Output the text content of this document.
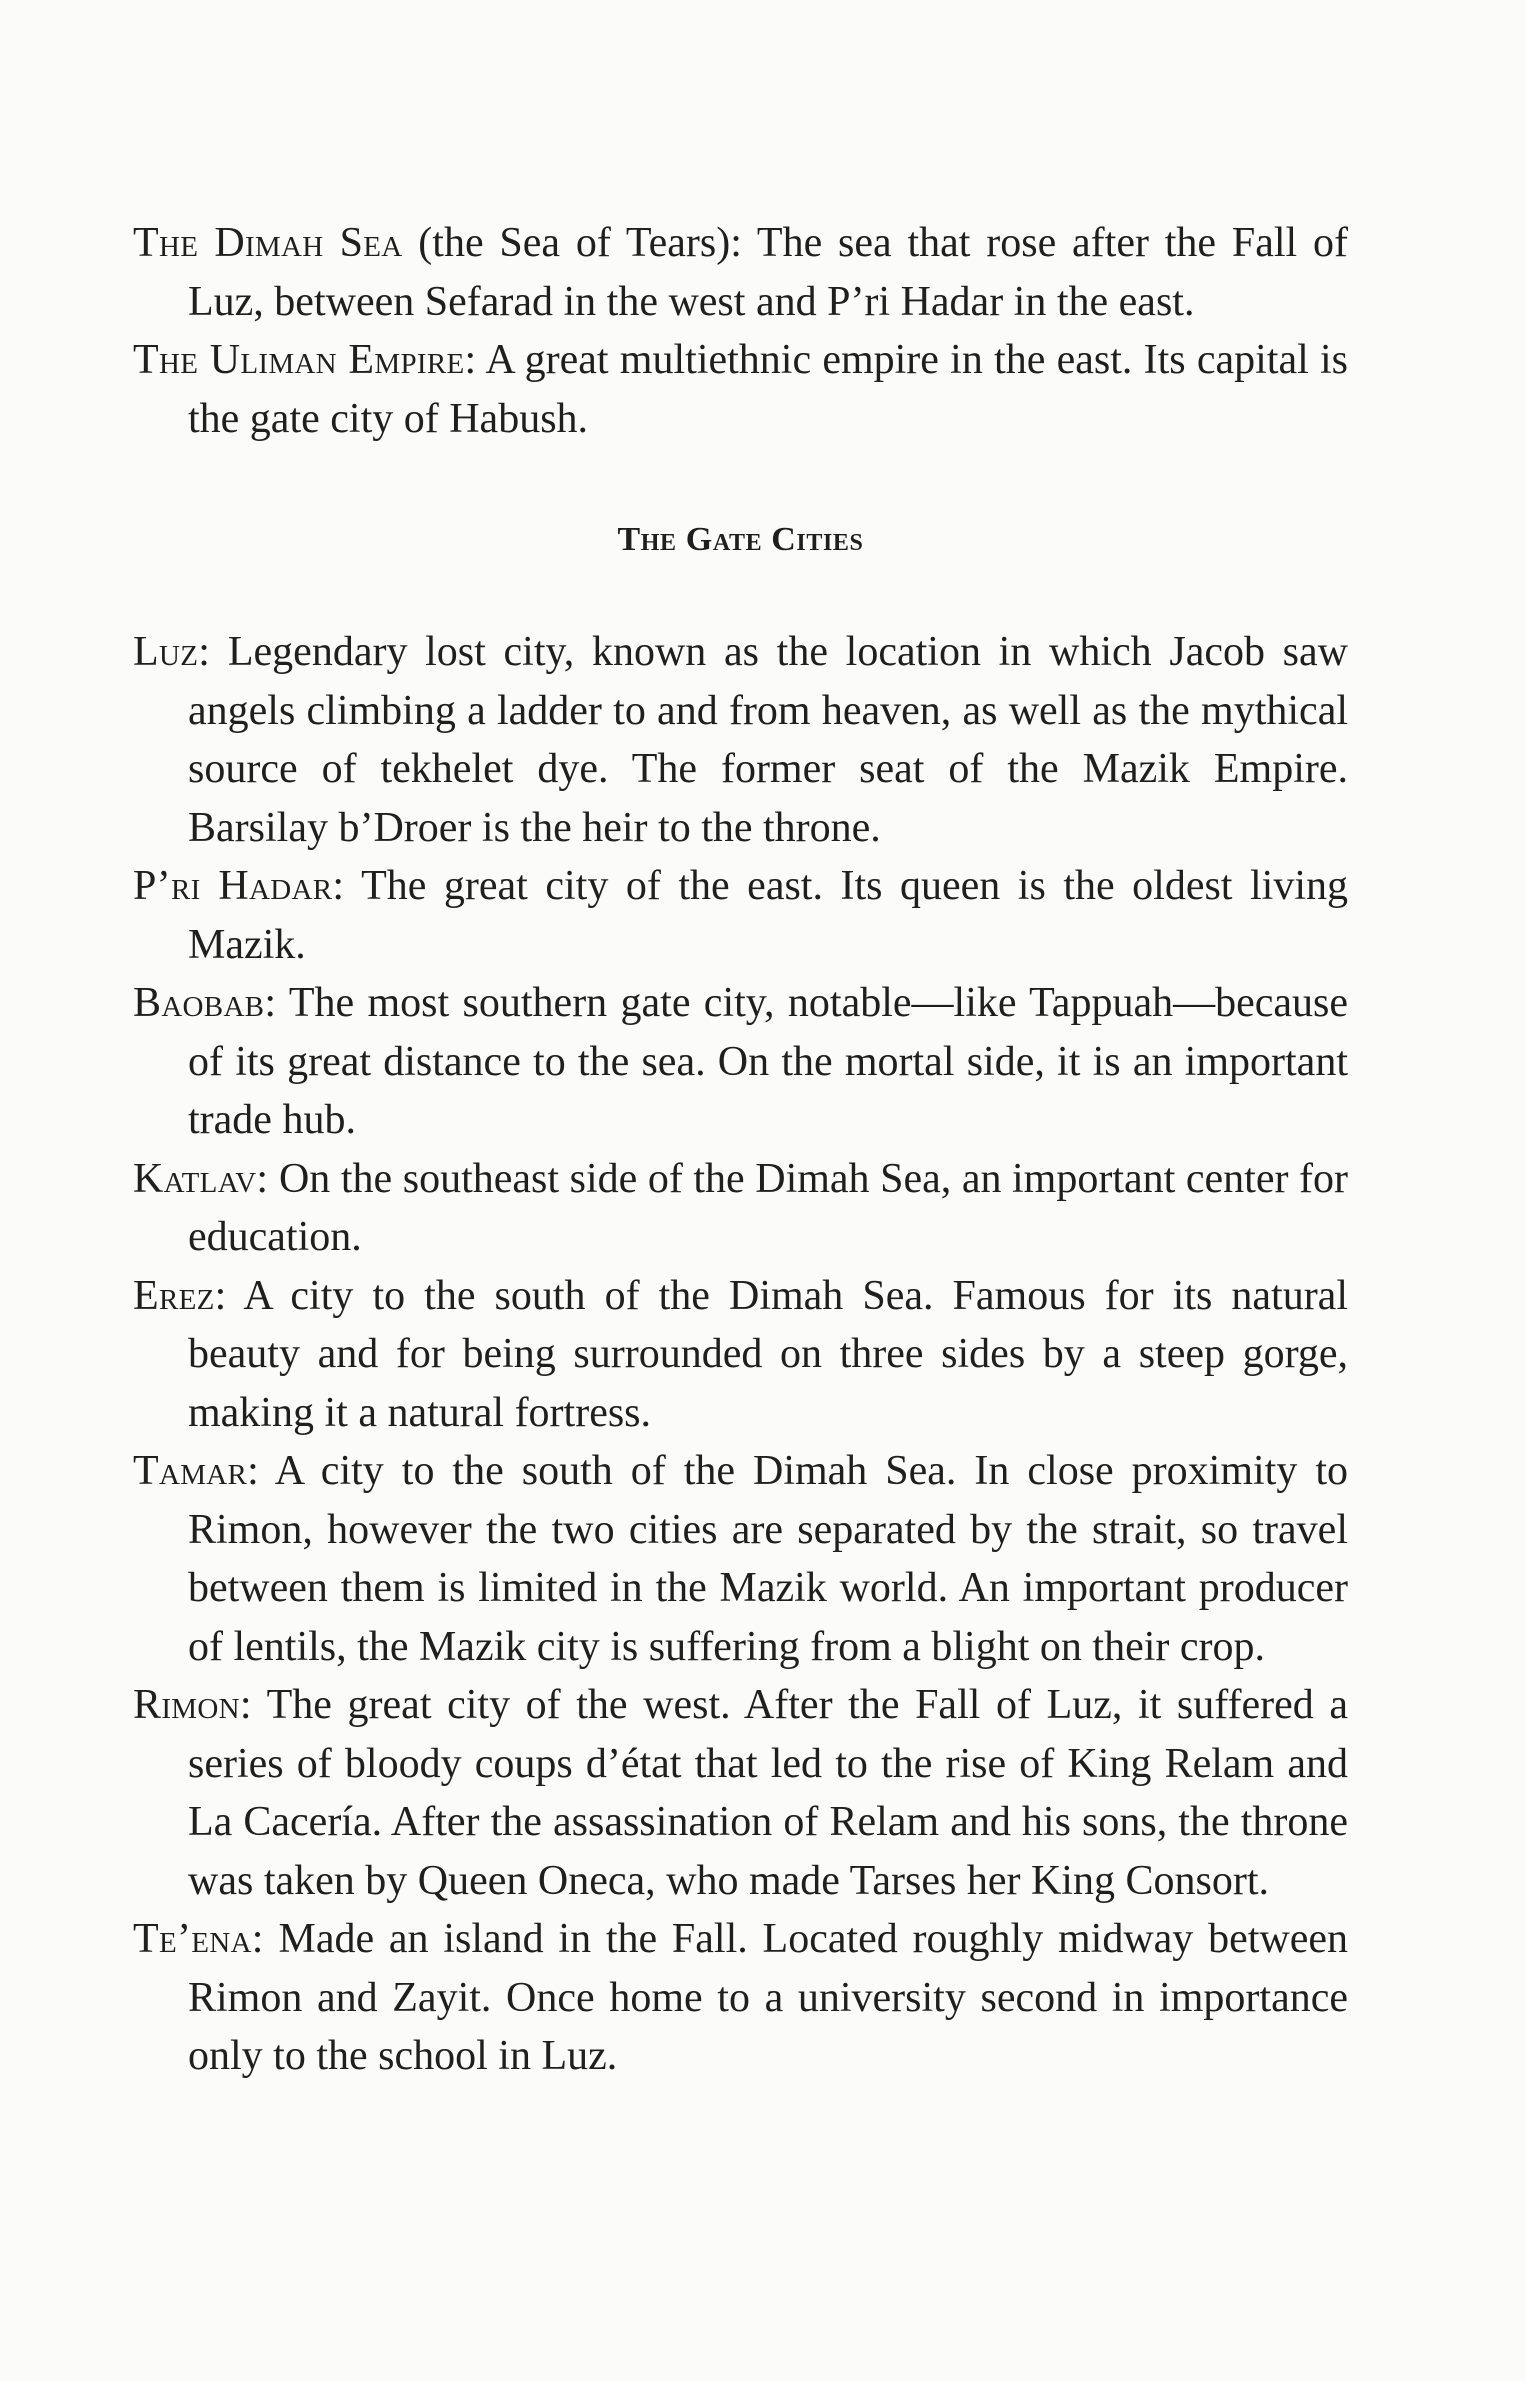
The Dimah Sea (the Sea of Tears): The sea that rose after the Fall of Luz, between Sefarad in the west and P’ri Hadar in the east.

The Uliman Empire: A great multiethnic empire in the east. Its capital is the gate city of Habush.

The Gate Cities

Luz: Legendary lost city, known as the location in which Jacob saw angels climbing a ladder to and from heaven, as well as the mythical source of tekhelet dye. The former seat of the Mazik Empire. Barsilay b’Droer is the heir to the throne.

P’ri Hadar: The great city of the east. Its queen is the oldest living Mazik.

Baobab: The most southern gate city, notable—like Tappuah—because of its great distance to the sea. On the mortal side, it is an important trade hub.

Katlav: On the southeast side of the Dimah Sea, an important center for education.

Erez: A city to the south of the Dimah Sea. Famous for its natural beauty and for being surrounded on three sides by a steep gorge, making it a natural fortress.

Tamar: A city to the south of the Dimah Sea. In close proximity to Rimon, however the two cities are separated by the strait, so travel between them is limited in the Mazik world. An important producer of lentils, the Mazik city is suffering from a blight on their crop.

Rimon: The great city of the west. After the Fall of Luz, it suffered a series of bloody coups d’état that led to the rise of King Relam and La Cacería. After the assassination of Relam and his sons, the throne was taken by Queen Oneca, who made Tarses her King Consort.

Te’ena: Made an island in the Fall. Located roughly midway between Rimon and Zayit. Once home to a university second in importance only to the school in Luz.
